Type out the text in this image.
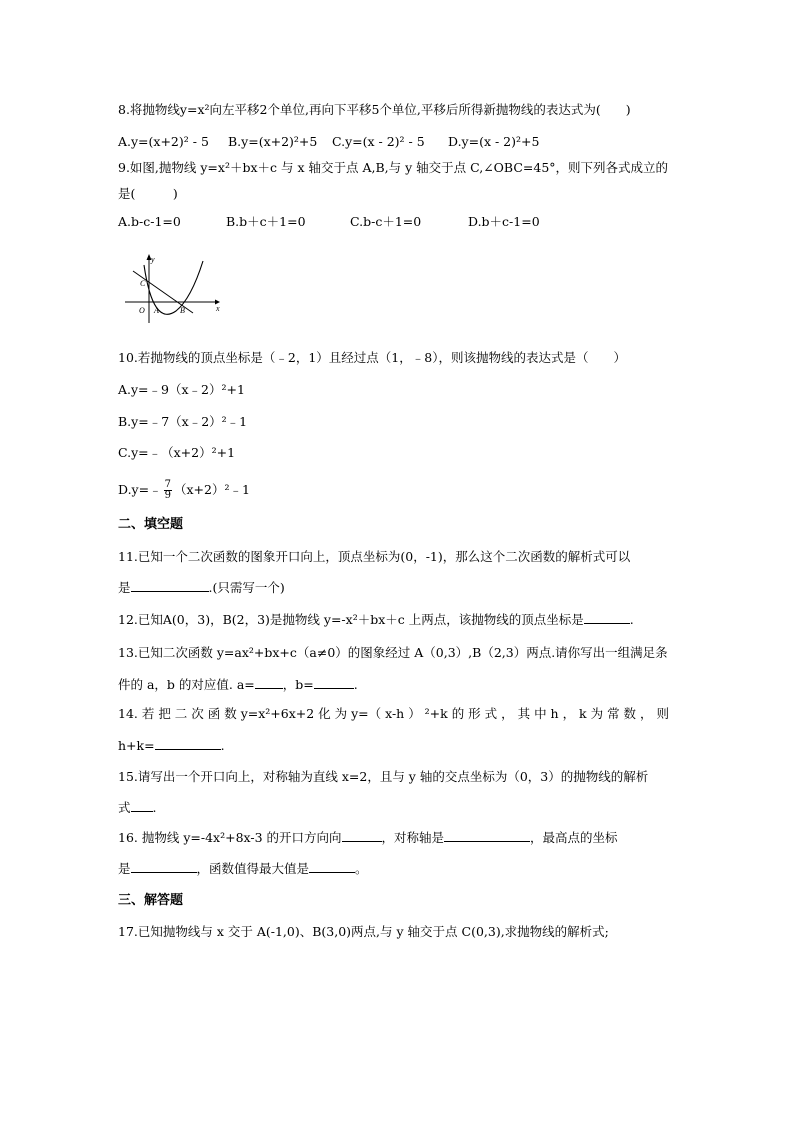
8.将抛物线y=x²向左平移2个单位,再向下平移5个单位,平移后所得新抛物线的表达式为(　　)
A.y=(x+2)² - 5	B.y=(x+2)²+5	C.y=(x - 2)² - 5	D.y=(x - 2)²+5
9.如图,抛物线 y=x²＋bx＋c 与 x 轴交于点 A,B,与 y 轴交于点 C,∠OBC=45°，则下列各式成立的
是(　　　)
A.b-c-1=0	B.b＋c＋1=0	C.b-c＋1=0	D.b＋c-1=0
y
x
C
O A	B
10.若抛物线的顶点坐标是（﹣2，1）且经过点（1，﹣8），则该抛物线的表达式是（　　）
A.y=﹣9（x﹣2）²+1
B.y=﹣7（x﹣2）²﹣1
C.y=﹣（x+2）²+1
D.y=﹣ $\frac{7}{9}$ （x+2）²﹣1
二、填空题
11.已知一个二次函数的图象开口向上，顶点坐标为(0，-1)，那么这个二次函数的解析式可以
是	.(只需写一个)
12.已知A(0，3)，B(2，3)是抛物线 y=-x²＋bx＋c 上两点，该抛物线的顶点坐标是	.
13.已知二次函数 y=ax²+bx+c（a≠0）的图象经过 A（0,3）,B（2,3）两点.请你写出一组满足条
件的 a，b 的对应值. a= ，b=	.
14. 若 把 二 次 函 数 y=x²+6x+2 化 为 y=（ x-h ） ²+k 的 形 式 ， 其 中 h ， k 为 常 数 ， 则
h+k=	.
15.请写出一个开口向上，对称轴为直线 x=2，且与 y 轴的交点坐标为（0，3）的抛物线的解析
式 .
16. 抛物线 y=-4x²+8x-3 的开口方向向	，对称轴是	，最高点的坐标
是	，函数值得最大值是	。
三、解答题
17.已知抛物线与 x 交于 A(-1,0)、B(3,0)两点,与 y 轴交于点 C(0,3),求抛物线的解析式;
